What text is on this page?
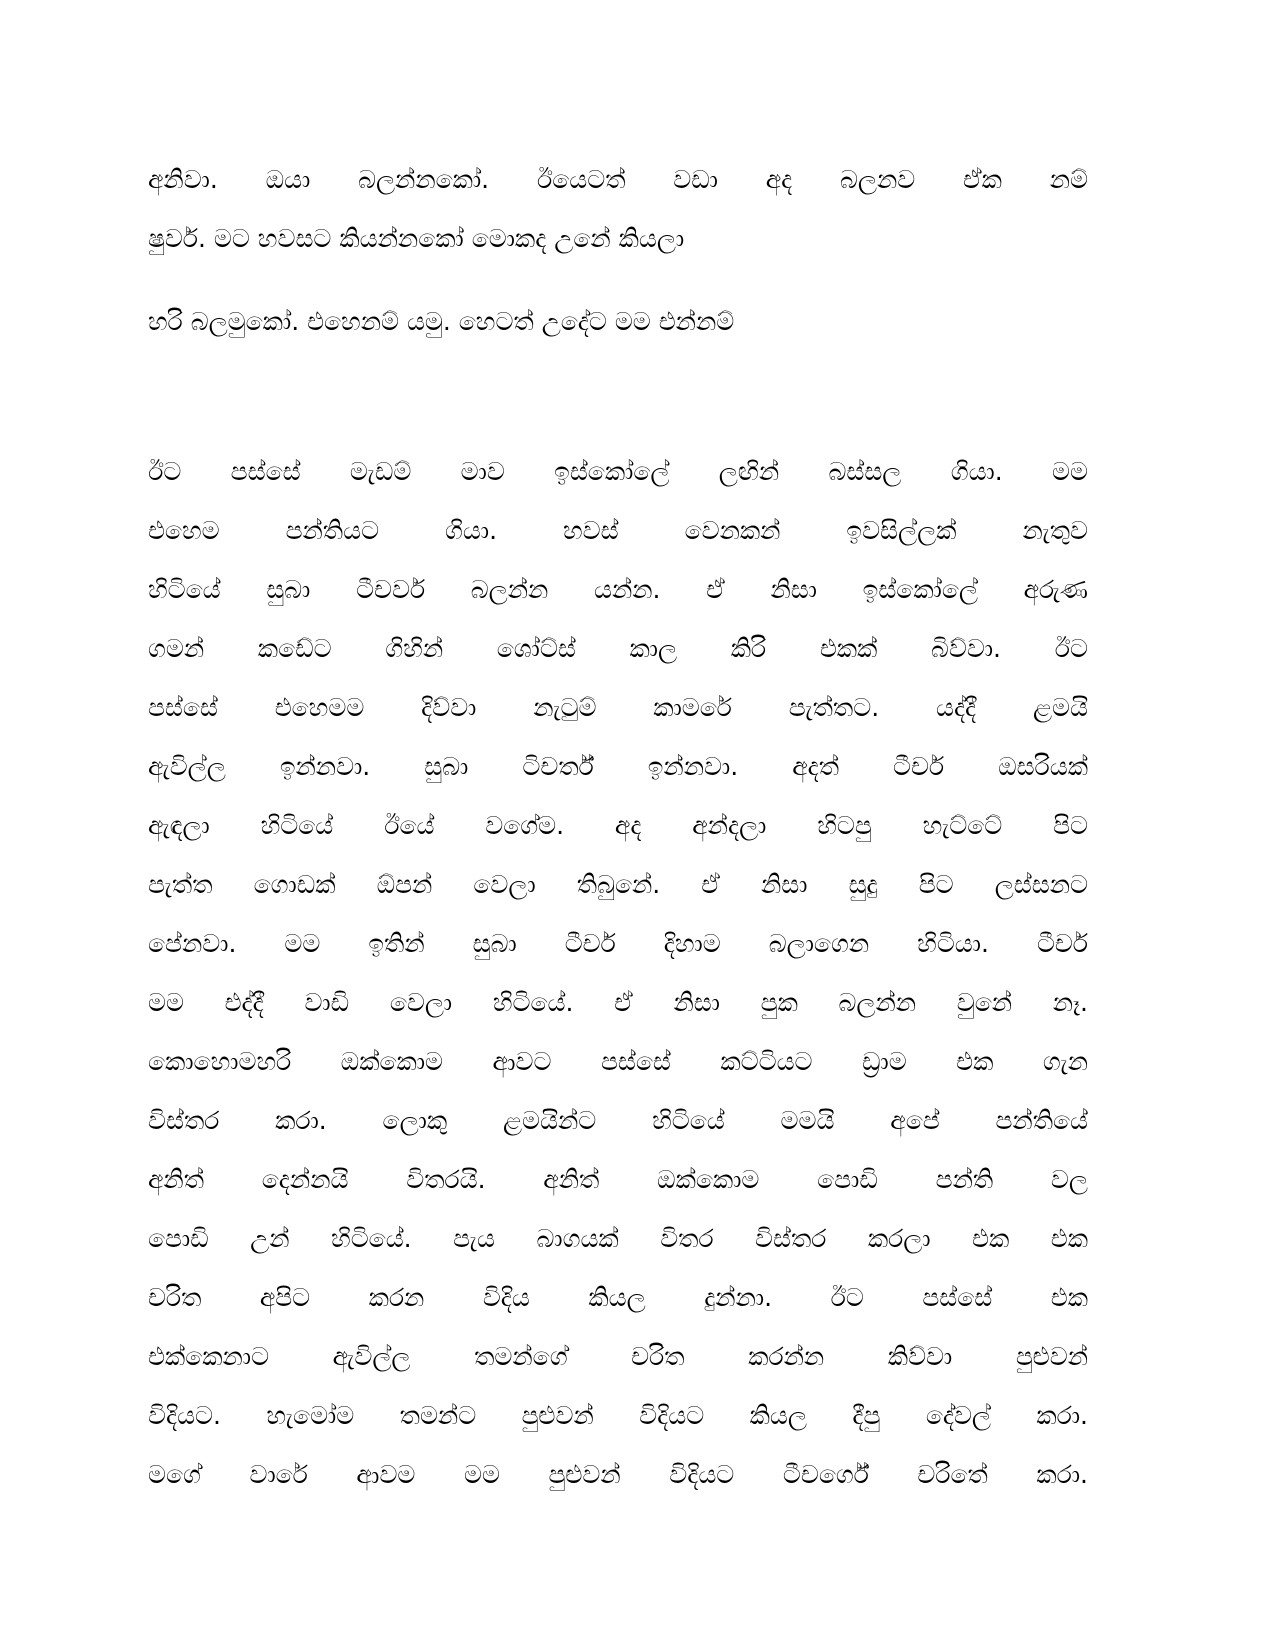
අනිවා. ඔයා බලන්නකෝ. ඊයෙටත් වඩා අද බලනව ඒක නම්
ෂුවර්. මට හවසට කියන්නකෝ මොකද උනේ කියලා
හරි බලමුකෝ. එහෙනම් යමු. හෙටත් උදේට මම එන්නම්
ඊට පස්සේ මැඩම් මාව ඉස්කෝලේ ලඟින් බස්සල ගියා. මම
එහෙම පන්තියට ගියා. හවස් වෙනකන් ඉවසිල්ලක් නැතුව
හිටියේ සුබා ටීචර්ව බලන්න යන්න. ඒ නිසා ඉස්කෝලේ අරුණ
ගමන් කඩේට ගිහින් ශෝට්ස් කාල කිරි එකක් බිව්වා. ඊට
පස්සේ එහෙමම දිව්වා නැටුම් කාමරේ පැත්තට. යද්දී ළමයි
ඇවිල්ල ඉන්නවා. සුබා ටිචර්ත් ඉන්නවා. අදත් ටීචර් ඔසරියක්
ඇඳලා හිටියේ ඊයේ වගේම. අද අන්දලා හිටපු හැට්ටේ පිට
පැත්ත ගොඩක් ඕපන් වෙලා තිබුනේ. ඒ නිසා සුදු පිට ලස්සනට
පේනවා. මම ඉතින් සුබා ටීචර් දිහාම බලාගෙන හිටියා. ටීචර්
මම එද්දී වාඩි වෙලා හිටියේ. ඒ නිසා පුක බලන්න වුනේ නෑ.
කොහොමහරි ඔක්කොම ආවට පස්සේ කට්ටියට ඩ්‍රාම එක ගැන
විස්තර කරා. ලොකු ළමයින්ට හිටියේ මමයි අපේ පන්තියේ
අනිත් දෙන්නයි විතරයි. අනිත් ඔක්කොම පොඩි පන්ති වල
පොඩි උන් හිටියේ. පැය බාගයක් විතර විස්තර කරලා එක එක
චරිත අපිට කරන විදිය කියල දුන්නා. ඊට පස්සේ එක
එක්කෙනාට ඇවිල්ල තමන්ගේ චරිත කරන්න කිව්වා පුළුවන්
විදියට. හැමෝම තමන්ට පුළුවන් විදියට කියල දීපු දේවල් කරා.
මගේ වාරේ ආවම මම පුළුවන් විදියට ටීචර්ගේ චරිතේ කරා.
